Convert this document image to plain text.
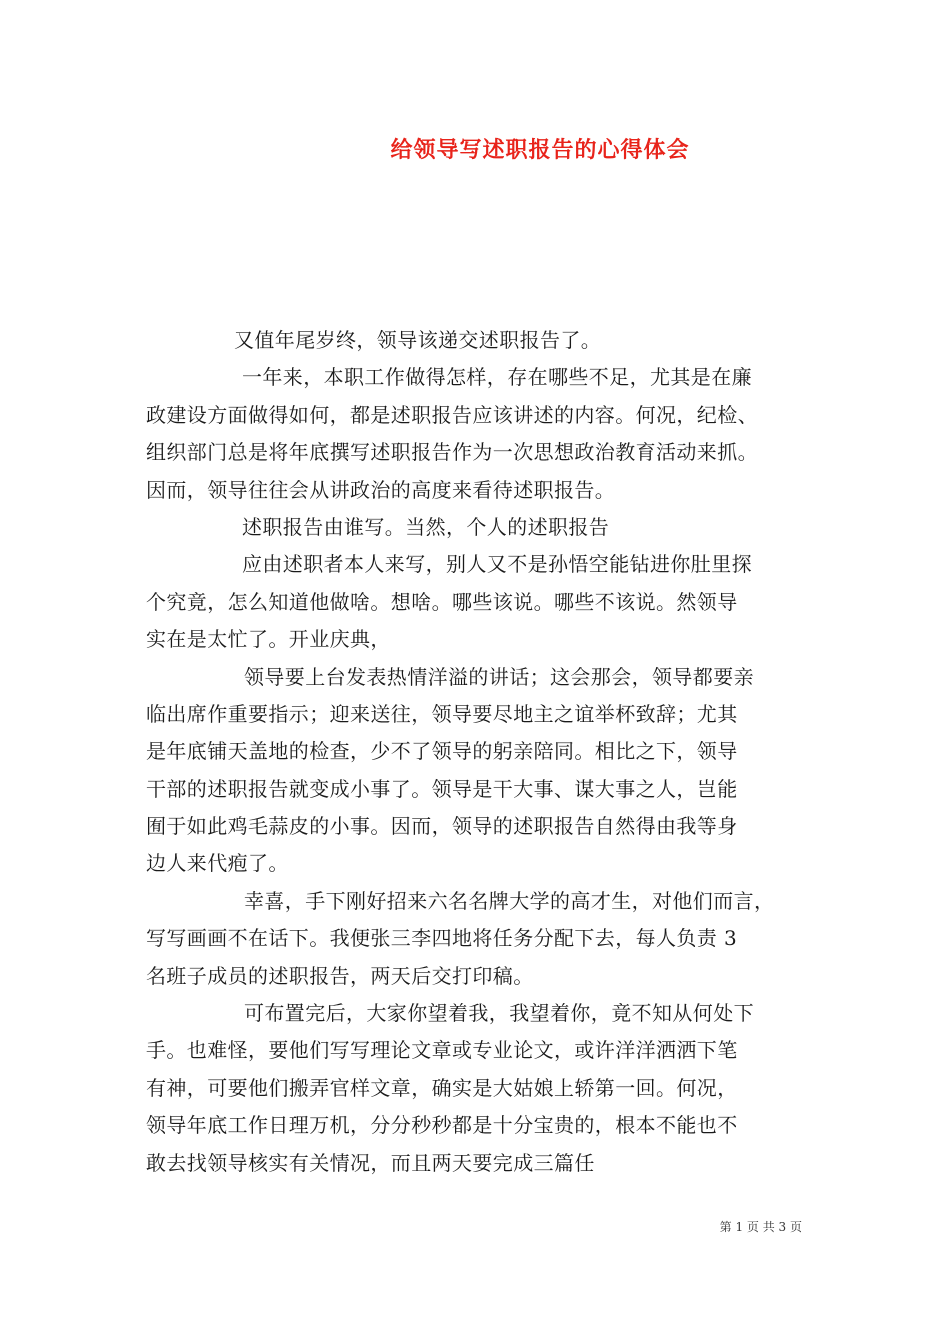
给领导写述职报告的心得体会
又值年尾岁终，领导该递交述职报告了。
一年来，本职工作做得怎样，存在哪些不足，尤其是在廉
政建设方面做得如何，都是述职报告应该讲述的内容。何况，纪检、
组织部门总是将年底撰写述职报告作为一次思想政治教育活动来抓。
因而，领导往往会从讲政治的高度来看待述职报告。
述职报告由谁写。当然，个人的述职报告
应由述职者本人来写，别人又不是孙悟空能钻进你肚里探
个究竟，怎么知道他做啥。想啥。哪些该说。哪些不该说。然领导
实在是太忙了。开业庆典，
领导要上台发表热情洋溢的讲话；这会那会，领导都要亲
临出席作重要指示；迎来送往，领导要尽地主之谊举杯致辞；尤其
是年底铺天盖地的检查，少不了领导的躬亲陪同。相比之下，领导
干部的述职报告就变成小事了。领导是干大事、谋大事之人，岂能
囿于如此鸡毛蒜皮的小事。因而，领导的述职报告自然得由我等身
边人来代疱了。
幸喜，手下刚好招来六名名牌大学的高才生，对他们而言，
写写画画不在话下。我便张三李四地将任务分配下去，每人负责 3
名班子成员的述职报告，两天后交打印稿。
可布置完后，大家你望着我，我望着你，竟不知从何处下
手。也难怪，要他们写写理论文章或专业论文，或许洋洋洒洒下笔
有神，可要他们搬弄官样文章，确实是大姑娘上轿第一回。何况，
领导年底工作日理万机，分分秒秒都是十分宝贵的，根本不能也不
敢去找领导核实有关情况，而且两天要完成三篇任
第 1 页 共 3 页
